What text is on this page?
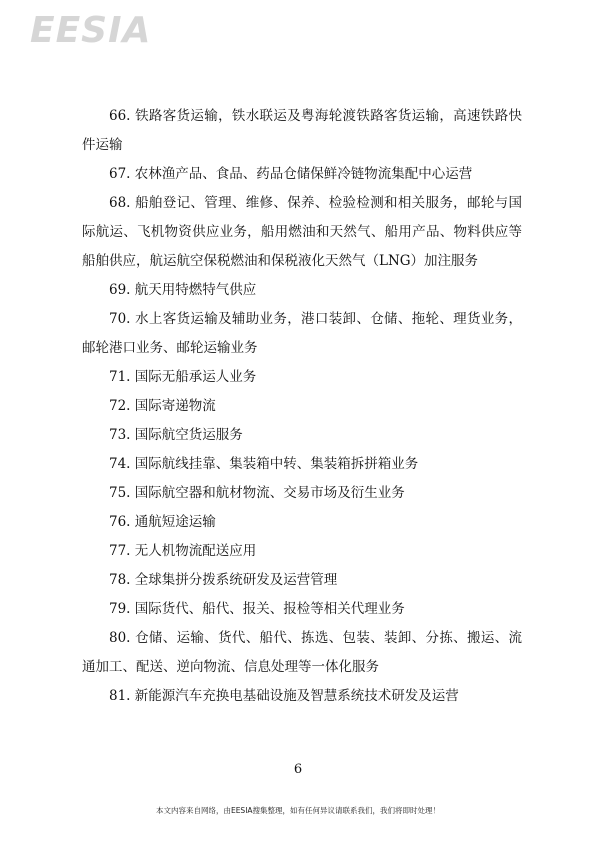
EESIA

66. 铁路客货运输，铁水联运及粤海轮渡铁路客货运输，高速铁路快件运输

67. 农林渔产品、食品、药品仓储保鲜冷链物流集配中心运营

68. 船舶登记、管理、维修、保养、检验检测和相关服务，邮轮与国际航运、飞机物资供应业务，船用燃油和天然气、船用产品、物料供应等船舶供应，航运航空保税燃油和保税液化天然气（LNG）加注服务

69. 航天用特燃特气供应

70. 水上客货运输及辅助业务，港口装卸、仓储、拖轮、理货业务，邮轮港口业务、邮轮运输业务

71. 国际无船承运人业务

72. 国际寄递物流

73. 国际航空货运服务

74. 国际航线挂靠、集装箱中转、集装箱拆拼箱业务

75. 国际航空器和航材物流、交易市场及衍生业务

76. 通航短途运输

77. 无人机物流配送应用

78. 全球集拼分拨系统研发及运营管理

79. 国际货代、船代、报关、报检等相关代理业务

80. 仓储、运输、货代、船代、拣选、包装、装卸、分拣、搬运、流通加工、配送、逆向物流、信息处理等一体化服务

81. 新能源汽车充换电基础设施及智慧系统技术研发及运营

6
本文内容来自网络，由EESIA搜集整理，如有任何异议请联系我们，我们将即时处理！
